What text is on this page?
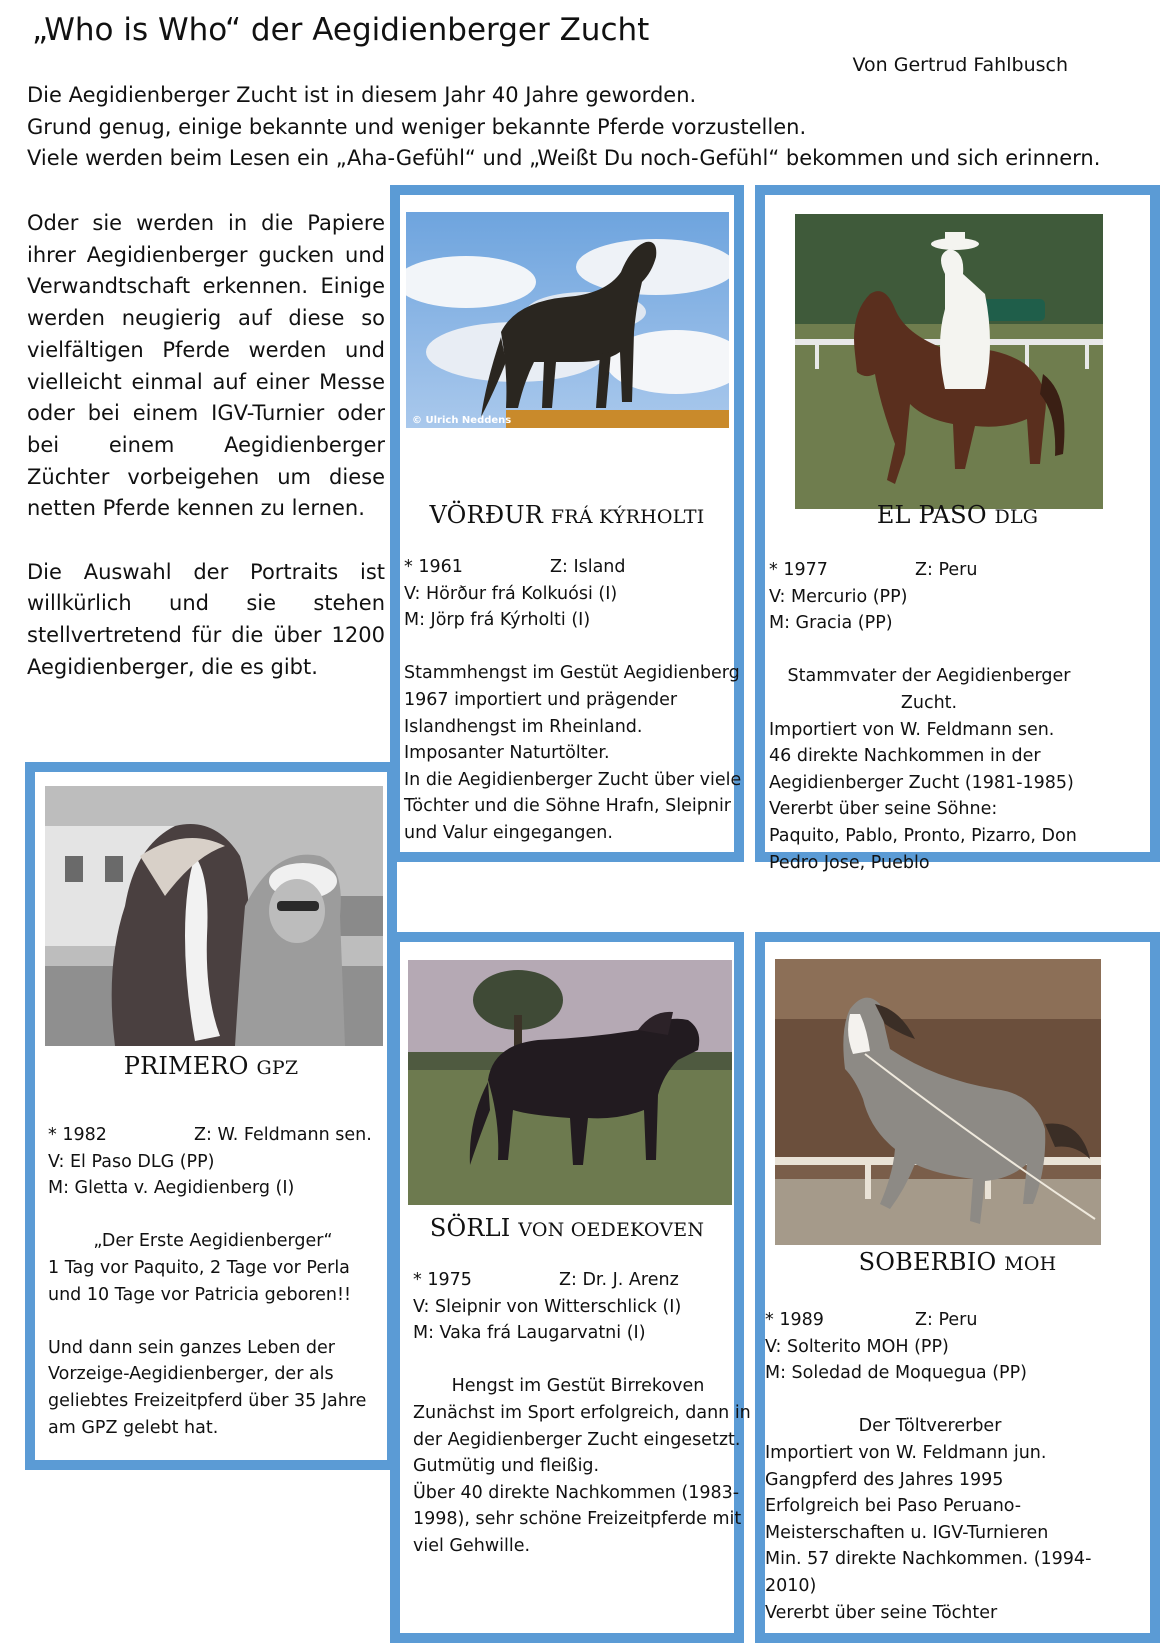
„Who is Who“ der Aegidienberger Zucht
Von Gertrud Fahlbusch
Die Aegidienberger Zucht ist in diesem Jahr 40 Jahre geworden.
Grund genug, einige bekannte und weniger bekannte Pferde vorzustellen.
Viele werden beim Lesen ein „Aha-Gefühl“ und „Weißt Du noch-Gefühl“ bekommen und sich erinnern.

Oder sie werden in die Papiere ihrer Aegidienberger gucken und Verwandtschaft erkennen. Einige werden neugierig auf diese so vielfältigen Pferde werden und vielleicht einmal auf einer Messe oder bei einem IGV-Turnier oder bei einem Aegidienberger Züchter vorbeigehen um diese netten Pferde kennen zu lernen.

Die Auswahl der Portraits ist willkürlich und sie stehen stellvertretend für die über 1200 Aegidienberger, die es gibt.

© Ulrich Neddens
VÖRÐUR FRÁ KÝRHOLTI
* 1961	Z: Island
V: Hörður frá Kolkuósi (I)
M: Jörp frá Kýrholti (I)
Stammhengst im Gestüt Aegidienberg
1967 importiert und prägender
Islandhengst im Rheinland.
Imposanter Naturtölter.
In die Aegidienberger Zucht über viele
Töchter und die Söhne Hrafn, Sleipnir
und Valur eingegangen.
EL PASO DLG
* 1977	Z: Peru
V: Mercurio (PP)
M: Gracia (PP)
Stammvater der Aegidienberger Zucht.
Importiert von W. Feldmann sen.
46 direkte Nachkommen in der
Aegidienberger Zucht (1981-1985)
Vererbt über seine Söhne:
Paquito, Pablo, Pronto, Pizarro, Don
Pedro Jose, Pueblo
PRIMERO GPZ
* 1982	Z: W. Feldmann sen.
V: El Paso DLG (PP)
M: Gletta v. Aegidienberg (I)
„Der Erste Aegidienberger“
1 Tag vor Paquito, 2 Tage vor Perla
und 10 Tage vor Patricia geboren!!
Und dann sein ganzes Leben der
Vorzeige-Aegidienberger, der als
geliebtes Freizeitpferd über 35 Jahre
am GPZ gelebt hat.
SÖRLI VON OEDEKOVEN
* 1975	Z: Dr. J. Arenz
V: Sleipnir von Witterschlick (I)
M: Vaka frá Laugarvatni (I)
Hengst im Gestüt Birrekoven
Zunächst im Sport erfolgreich, dann in
der Aegidienberger Zucht eingesetzt.
Gutmütig und fleißig.
Über 40 direkte Nachkommen (1983-
1998), sehr schöne Freizeitpferde mit
viel Gehwille.
SOBERBIO MOH
* 1989	Z: Peru
V: Solterito MOH (PP)
M: Soledad de Moquegua (PP)
Der Töltvererber
Importiert von W. Feldmann jun.
Gangpferd des Jahres 1995
Erfolgreich bei Paso Peruano-
Meisterschaften u. IGV-Turnieren
Min. 57 direkte Nachkommen. (1994-
2010)
Vererbt über seine Töchter
